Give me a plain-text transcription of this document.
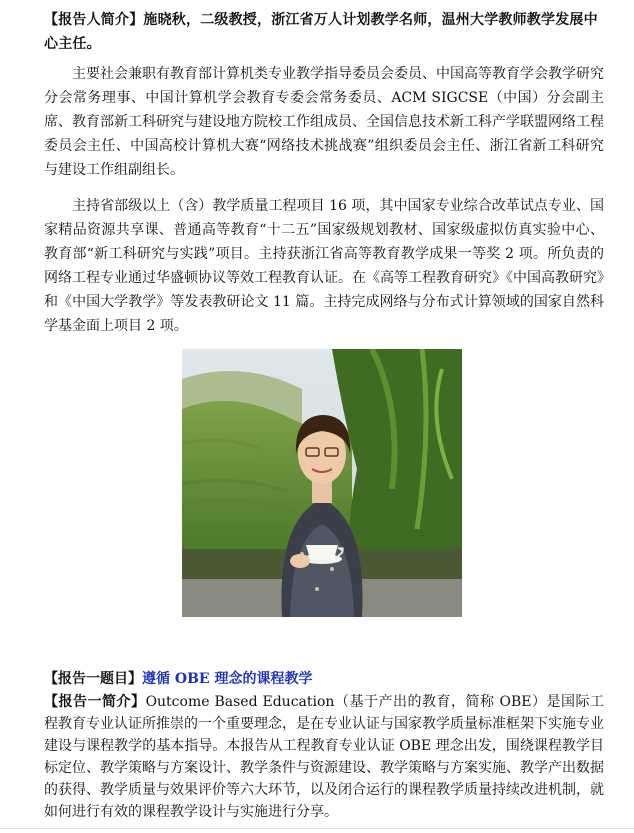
【报告人简介】施晓秋，二级教授，浙江省万人计划教学名师，温州大学教师教学发展中心主任。

主要社会兼职有教育部计算机类专业教学指导委员会委员、中国高等教育学会教学研究分会常务理事、中国计算机学会教育专委会常务委员、ACM SIGCSE（中国）分会副主席、教育部新工科研究与建设地方院校工作组成员、全国信息技术新工科产学联盟网络工程委员会主任、中国高校计算机大赛“网络技术挑战赛”组织委员会主任、浙江省新工科研究与建设工作组副组长。

主持省部级以上（含）教学质量工程项目 16 项，其中国家专业综合改革试点专业、国家精品资源共享课、普通高等教育“十二五”国家级规划教材、国家级虚拟仿真实验中心、教育部“新工科研究与实践”项目。主持获浙江省高等教育教学成果一等奖 2 项。所负责的网络工程专业通过华盛顿协议等效工程教育认证。在《高等工程教育研究》《中国高教研究》和《中国大学教学》等发表教研论文 11 篇。主持完成网络与分布式计算领域的国家自然科学基金面上项目 2 项。

【报告一题目】遵循 OBE 理念的课程教学
【报告一简介】Outcome Based Education（基于产出的教育，简称 OBE）是国际工程教育专业认证所推崇的一个重要理念，是在专业认证与国家教学质量标准框架下实施专业建设与课程教学的基本指导。本报告从工程教育专业认证 OBE 理念出发，围绕课程教学目标定位、教学策略与方案设计、教学条件与资源建设、教学策略与方案实施、教学产出数据的获得、教学质量与效果评价等六大环节，以及闭合运行的课程教学质量持续改进机制，就如何进行有效的课程教学设计与实施进行分享。
